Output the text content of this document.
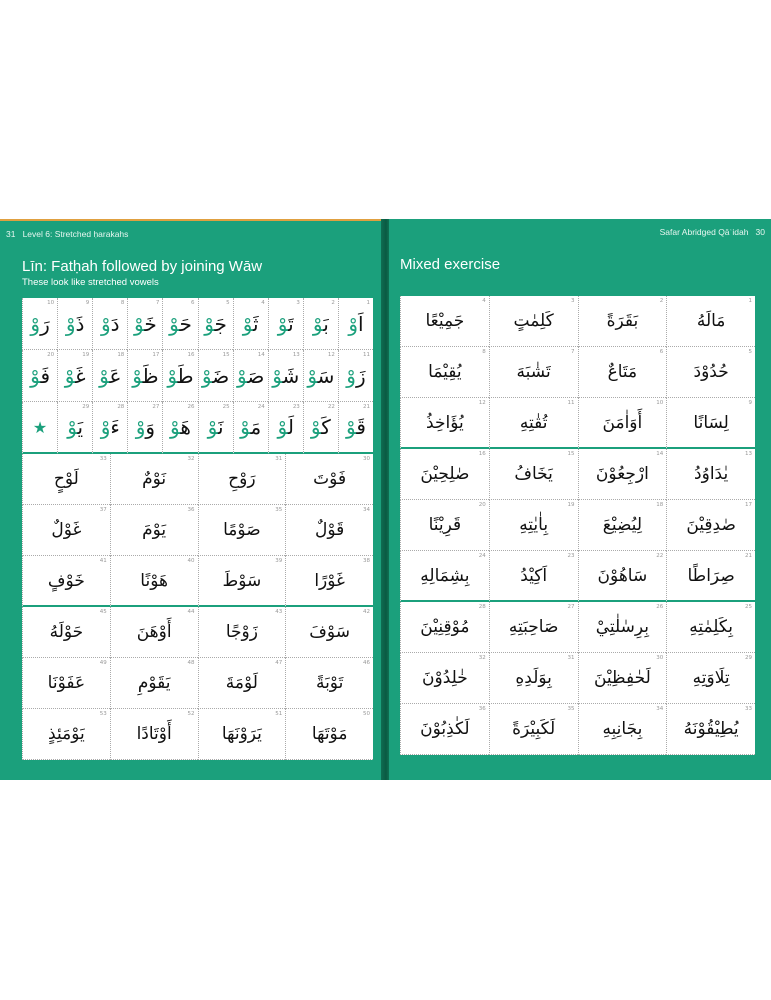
31 Level 6: Stretched ḥarakahs
Līn: Fatḥah followed by joining Wāw
These look like stretched vowels
1
اَوْ
2
بَوْ
3
تَوْ
4
ثَوْ
5
جَوْ
6
حَوْ
7
خَوْ
8
دَوْ
9
ذَوْ
10
رَوْ
11
زَوْ
12
سَوْ
13
شَوْ
14
صَوْ
15
ضَوْ
16
طَوْ
17
ظَوْ
18
عَوْ
19
غَوْ
20
فَوْ
21
قَوْ
22
كَوْ
23
لَوْ
24
مَوْ
25
نَوْ
26
هَوْ
27
وَوْ
28
ءَوْ
29
يَوْ
★
30
فَوْتَ
31
رَوْحِ
32
نَوْمٌ
33
لَوْحٍ
34
قَوْلٌ
35
صَوْمًا
36
يَوْمَ
37
غَوْلٌ
38
غَوْرًا
39
سَوْطَ
40
هَوْنًا
41
خَوْفٍ
42
سَوْفَ
43
زَوْجًا
44
أَوْهَنَ
45
حَوْلَهُ
46
تَوْبَةً
47
لَوْمَةَ
48
يَقَوْمِ
49
عَفَوْنَا
50
مَوْتَهَا
51
يَرَوْنَهَا
52
أَوْتَادًا
53
يَوْمَئِذٍ
Safar Abridged Qāʿidah 30
Mixed exercise
1
مَالَهُ
2
بَقَرَةً
3
كَلِمٰتٍ
4
جَمِيْعًا
5
حُدُوْدَ
6
مَتَاعٌ
7
تَشٰبَهَ
8
يُقِيْمَا
9
لِسَانًا
10
أَوَاٰمَنَ
11
تُقٰتِهِ
12
يُؤَاخِذُ
13
يٰدَاوُدُ
14
ارْجِعُوْنَ
15
يَخَافُ
16
صٰلِحِيْنَ
17
صٰدِقِيْنَ
18
لِيُضِيْعَ
19
بِاٰيٰتِهِ
20
قَرِيْنًا
21
صِرَاطًا
22
سَاهُوْنَ
23
اَكِيْدُ
24
بِشِمَالِهِ
25
بِكَلِمٰتِهِ
26
بِرِسٰلٰتِيْ
27
صَاحِبَتِهِ
28
مُوْقِنِيْنَ
29
تِلَاوَتِهِ
30
لَحٰفِظِيْنَ
31
بِوَلَدِهِ
32
خٰلِدُوْنَ
33
يُطِيْقُوْنَهُ
34
بِجَانِبِهِ
35
لَكَبِيْرَةً
36
لَكٰذِبُوْنَ
